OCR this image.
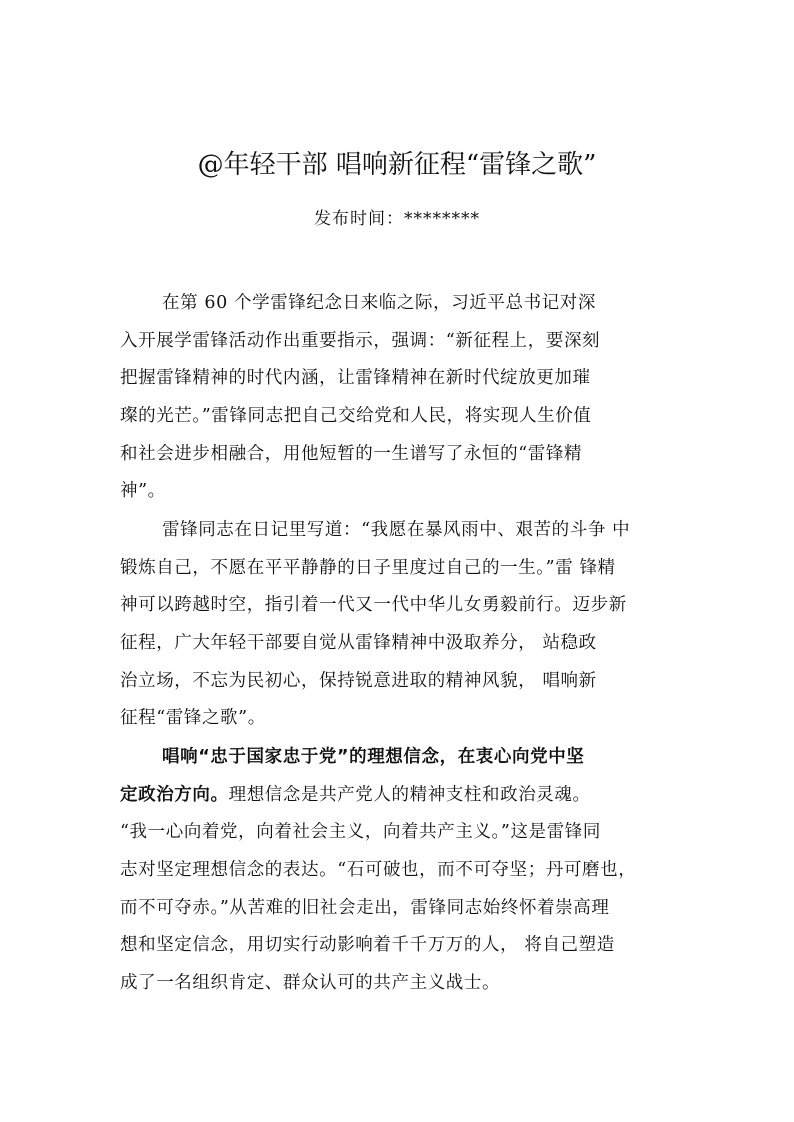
@年轻干部 唱响新征程“雷锋之歌”
发布时间：********
在第 60 个学雷锋纪念日来临之际，习近平总书记对深
入开展学雷锋活动作出重要指示，强调：“新征程上，要深刻
把握雷锋精神的时代内涵，让雷锋精神在新时代绽放更加璀
璨的光芒。”雷锋同志把自己交给党和人民，将实现人生价值
和社会进步相融合，用他短暂的一生谱写了永恒的“雷锋精
神”。
雷锋同志在日记里写道：“我愿在暴风雨中、艰苦的斗争 中
锻炼自己，不愿在平平静静的日子里度过自己的一生。”雷 锋精
神可以跨越时空，指引着一代又一代中华儿女勇毅前行。迈步新
征程，广大年轻干部要自觉从雷锋精神中汲取养分， 站稳政
治立场，不忘为民初心，保持锐意进取的精神风貌， 唱响新
征程“雷锋之歌”。
唱响“忠于国家忠于党”的理想信念，在衷心向党中坚
定政治方向。理想信念是共产党人的精神支柱和政治灵魂。
“我一心向着党，向着社会主义，向着共产主义。”这是雷锋同
志对坚定理想信念的表达。“石可破也，而不可夺坚；丹可磨也，
而不可夺赤。”从苦难的旧社会走出，雷锋同志始终怀着崇高理
想和坚定信念，用切实行动影响着千千万万的人， 将自己塑造
成了一名组织肯定、群众认可的共产主义战士。
